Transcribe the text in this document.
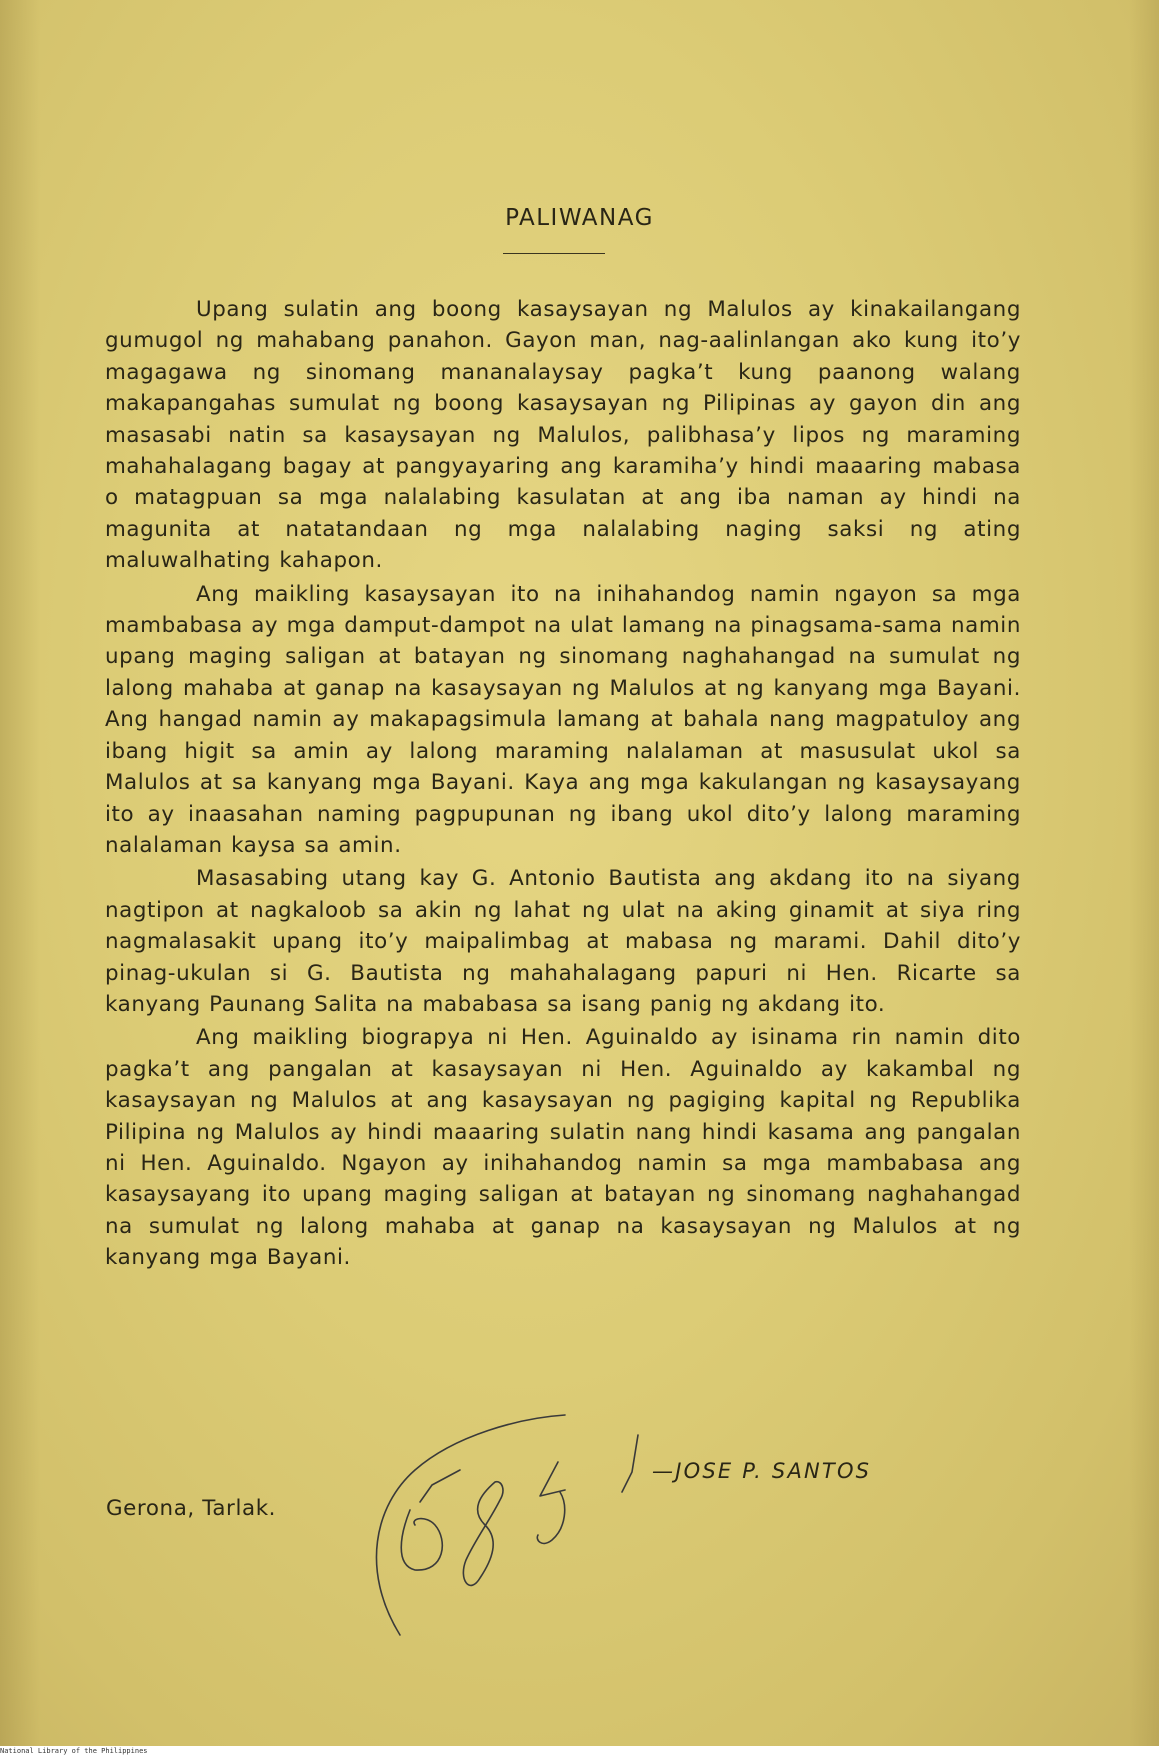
PALIWANAG

Upang sulatin ang boong kasaysayan ng Malulos ay kinakailangang gumugol ng mahabang panahon. Gayon man, nag-aalinlangan ako kung ito’y magagawa ng sinomang mananalaysay pagka’t kung paanong walang makapangahas sumulat ng boong kasaysayan ng Pilipinas ay gayon din ang masasabi natin sa kasaysayan ng Malulos, palibhasa’y lipos ng maraming mahahalagang bagay at pangyayaring ang karamiha’y hindi maaaring mabasa o matagpuan sa mga nalalabing kasulatan at ang iba naman ay hindi na magunita at natatandaan ng mga nalalabing naging saksi ng ating maluwalhating kahapon.

Ang maikling kasaysayan ito na inihahandog namin ngayon sa mga mambabasa ay mga damput-dampot na ulat lamang na pinagsama-sama namin upang maging saligan at batayan ng sinomang naghahangad na sumulat ng lalong mahaba at ganap na kasaysayan ng Malulos at ng kanyang mga Bayani. Ang hangad namin ay makapagsimula lamang at bahala nang magpatuloy ang ibang higit sa amin ay lalong maraming nalalaman at masusulat ukol sa Malulos at sa kanyang mga Bayani. Kaya ang mga kakulangan ng kasaysayang ito ay inaasahan naming pagpupunan ng ibang ukol dito’y lalong maraming nalalaman kaysa sa amin.

Masasabing utang kay G. Antonio Bautista ang akdang ito na siyang nagtipon at nagkaloob sa akin ng lahat ng ulat na aking ginamit at siya ring nagmalasakit upang ito’y maipalimbag at mabasa ng marami. Dahil dito’y pinag-ukulan si G. Bautista ng mahahalagang papuri ni Hen. Ricarte sa kanyang Paunang Salita na mababasa sa isang panig ng akdang ito.

Ang maikling biograpya ni Hen. Aguinaldo ay isinama rin namin dito pagka’t ang pangalan at kasaysayan ni Hen. Aguinaldo ay kakambal ng kasaysayan ng Malulos at ang kasaysayan ng pagiging kapital ng Republika Pilipina ng Malulos ay hindi maaaring sulatin nang hindi kasama ang pangalan ni Hen. Aguinaldo. Ngayon ay inihahandog namin sa mga mambabasa ang kasaysayang ito upang maging saligan at batayan ng sinomang naghahangad na sumulat ng lalong mahaba at ganap na kasaysayan ng Malulos at ng kanyang mga Bayani.

—JOSE P. SANTOS
Gerona, Tarlak.
National Library of the Philippines
